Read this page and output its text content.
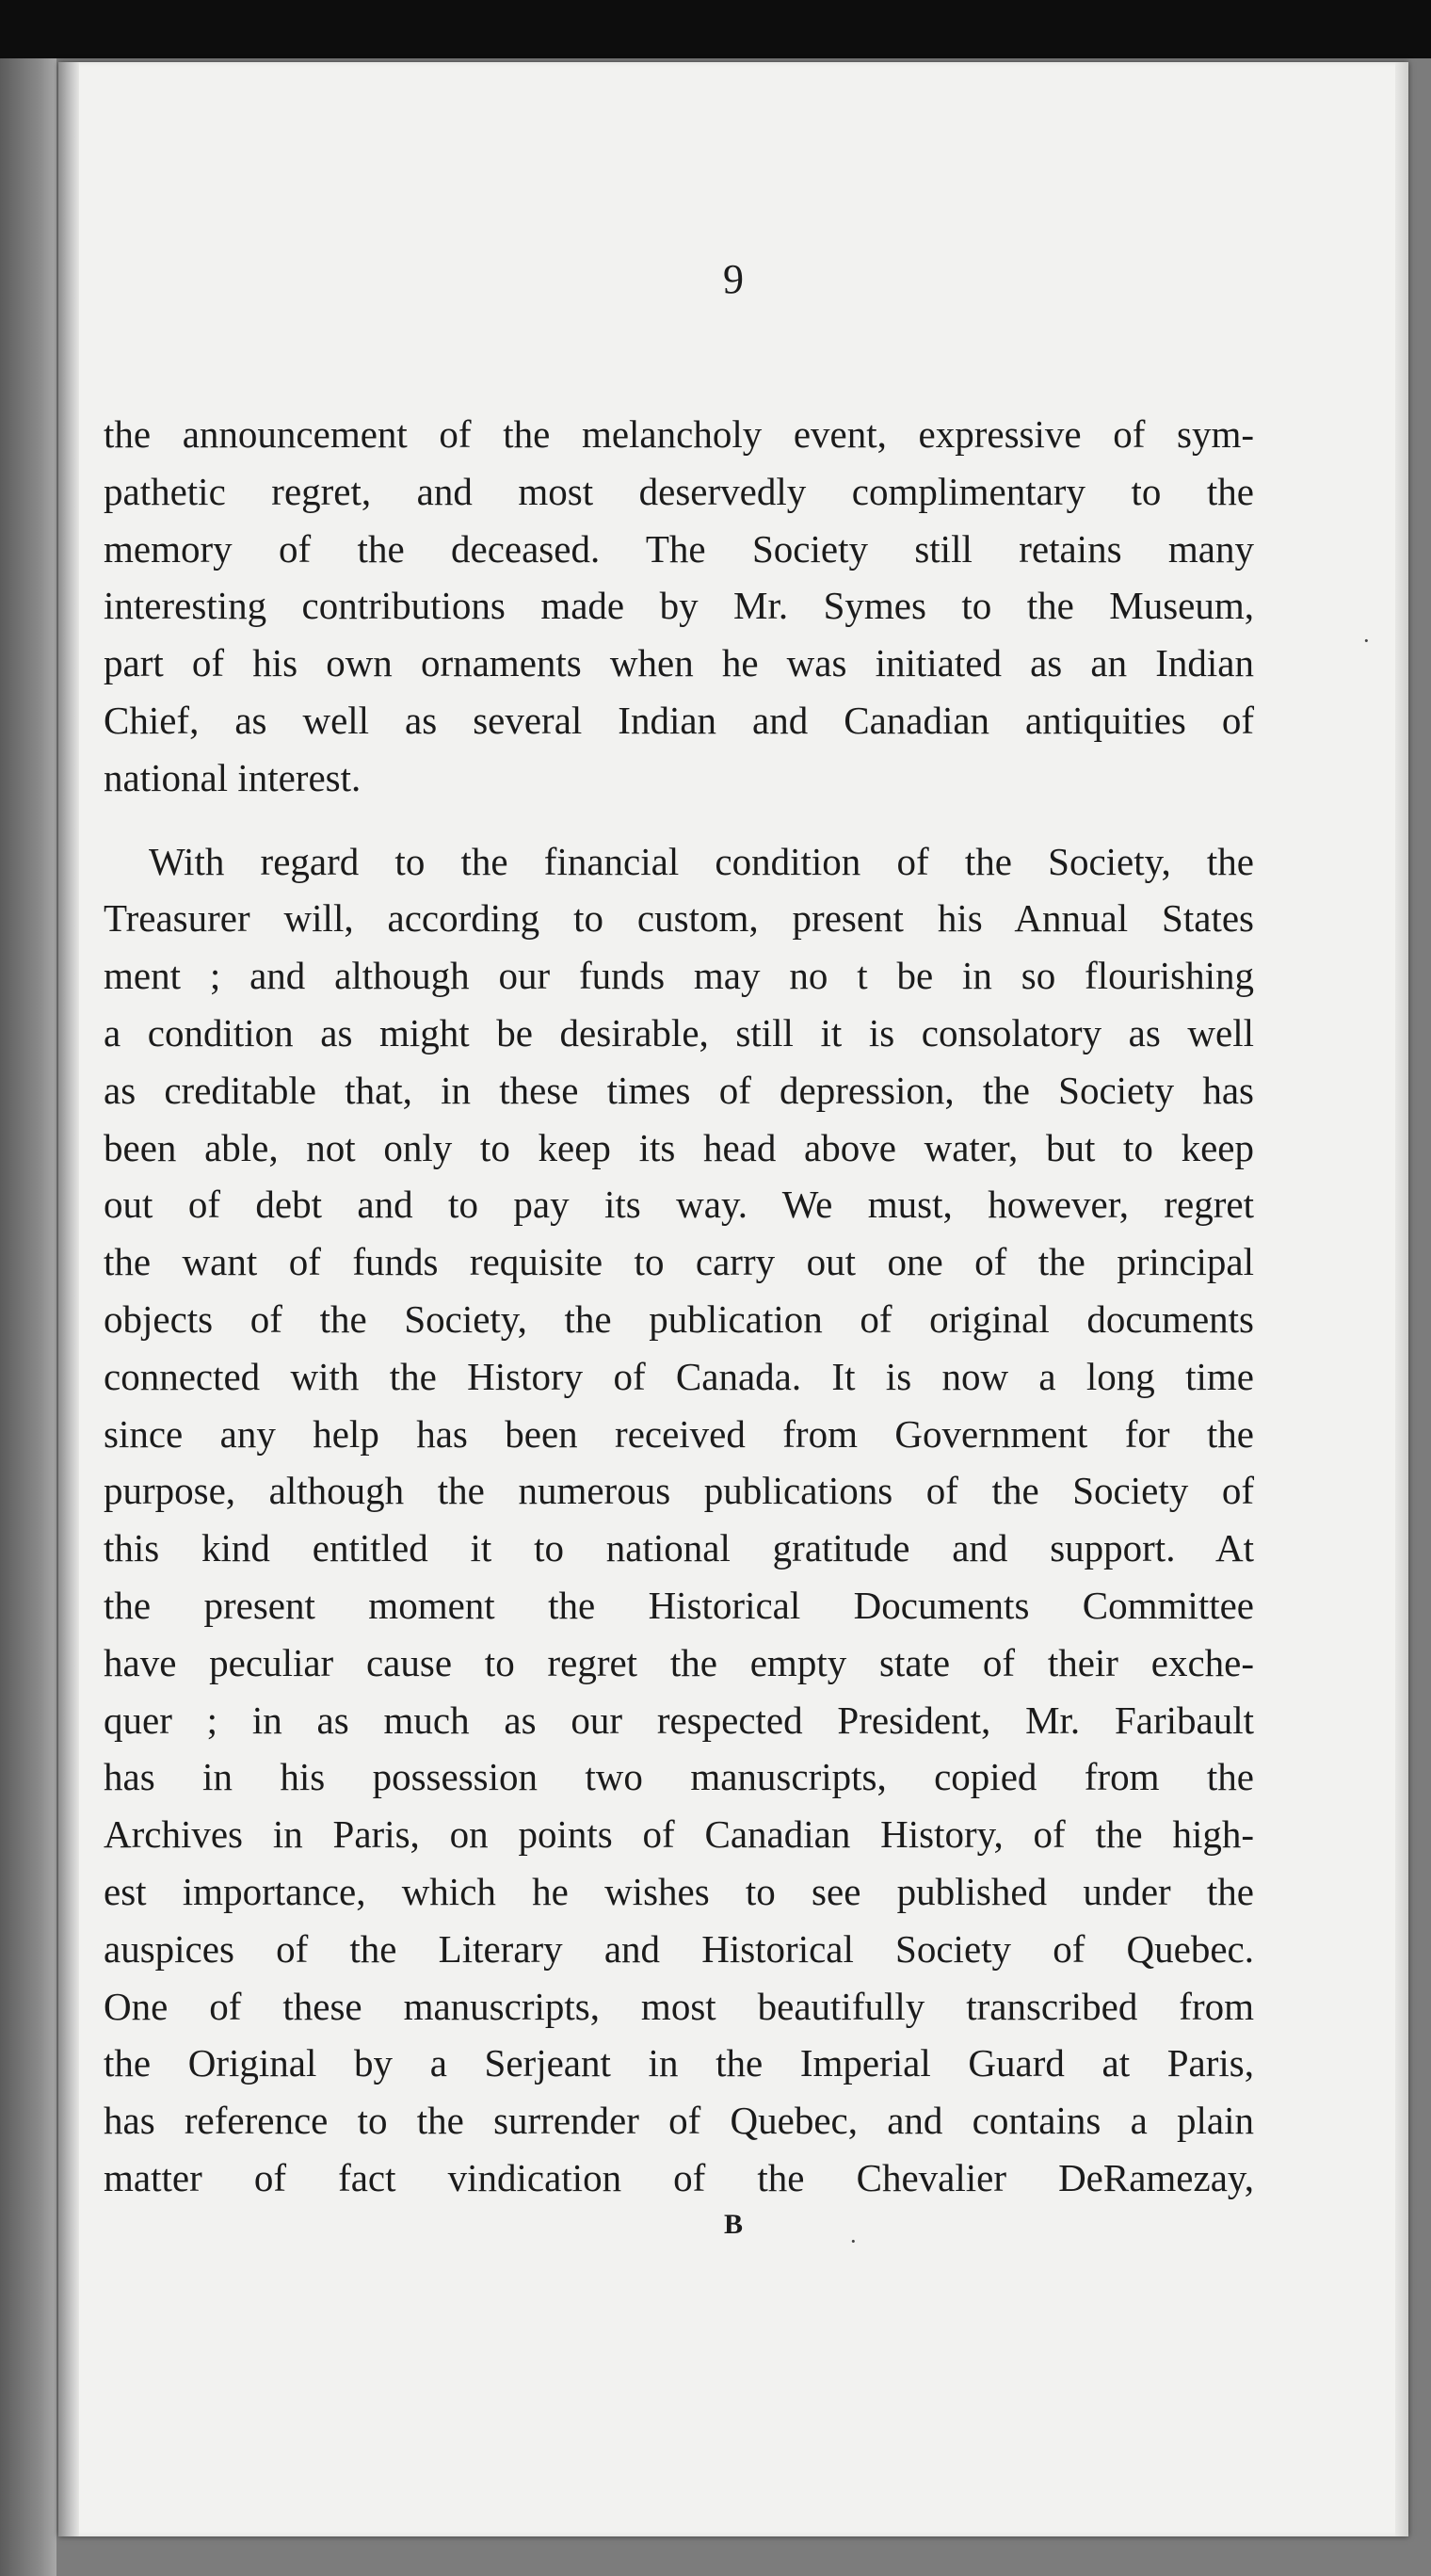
9
the announcement of the melancholy event, expressive of sym-
pathetic regret, and most deservedly complimentary to the
memory of the deceased. The Society still retains many
interesting contributions made by Mr. Symes to the Museum,
part of his own ornaments when he was initiated as an Indian
Chief, as well as several Indian and Canadian antiquities of
national interest.
With regard to the financial condition of the Society, the
Treasurer will, according to custom, present his Annual States
ment ; and although our funds may no t be in so flourishing
a condition as might be desirable, still it is consolatory as well
as creditable that, in these times of depression, the Society has
been able, not only to keep its head above water, but to keep
out of debt and to pay its way. We must, however, regret
the want of funds requisite to carry out one of the principal
objects of the Society, the publication of original documents
connected with the History of Canada. It is now a long time
since any help has been received from Government for the
purpose, although the numerous publications of the Society of
this kind entitled it to national gratitude and support. At
the present moment the Historical Documents Committee
have peculiar cause to regret the empty state of their exche-
quer ; in as much as our respected President, Mr. Faribault
has in his possession two manuscripts, copied from the
Archives in Paris, on points of Canadian History, of the high-
est importance, which he wishes to see published under the
auspices of the Literary and Historical Society of Quebec.
One of these manuscripts, most beautifully transcribed from
the Original by a Serjeant in the Imperial Guard at Paris,
has reference to the surrender of Quebec, and contains a plain
matter of fact vindication of the Chevalier DeRamezay,
B
·
·
